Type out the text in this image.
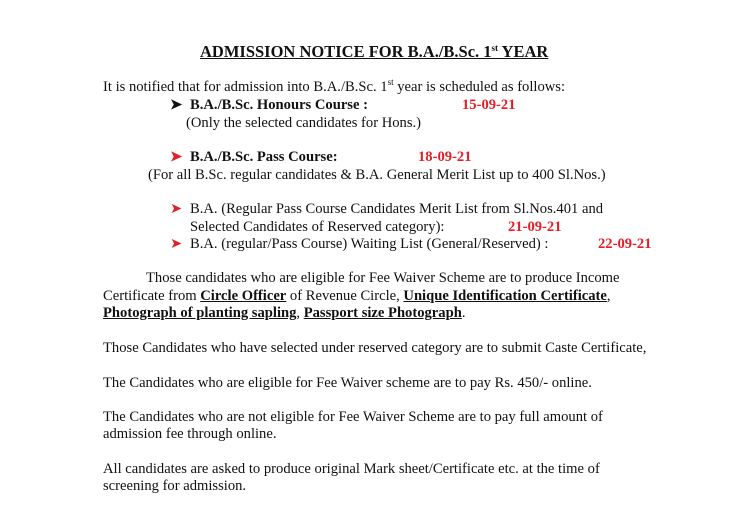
ADMISSION NOTICE FOR B.A./B.Sc. 1st YEAR
It is notified that for admission into B.A./B.Sc. 1st year is scheduled as follows:
➤ B.A./B.Sc. Honours Course :	15-09-21
(Only the selected candidates for Hons.)
➤ B.A./B.Sc. Pass Course:	18-09-21
(For all B.Sc. regular candidates & B.A. General Merit List up to 400 Sl.Nos.)
➤ B.A. (Regular Pass Course Candidates Merit List from Sl.Nos.401 and
Selected Candidates of Reserved category):	21-09-21
➤ B.A. (regular/Pass Course) Waiting List (General/Reserved) :	22-09-21
Those candidates who are eligible for Fee Waiver Scheme are to produce Income
Certificate from Circle Officer of Revenue Circle, Unique Identification Certificate,
Photograph of planting sapling, Passport size Photograph.
Those Candidates who have selected under reserved category are to submit Caste Certificate,
The Candidates who are eligible for Fee Waiver scheme are to pay Rs. 450/- online.
The Candidates who are not eligible for Fee Waiver Scheme are to pay full amount of
admission fee through online.
All candidates are asked to produce original Mark sheet/Certificate etc. at the time of
screening for admission.
